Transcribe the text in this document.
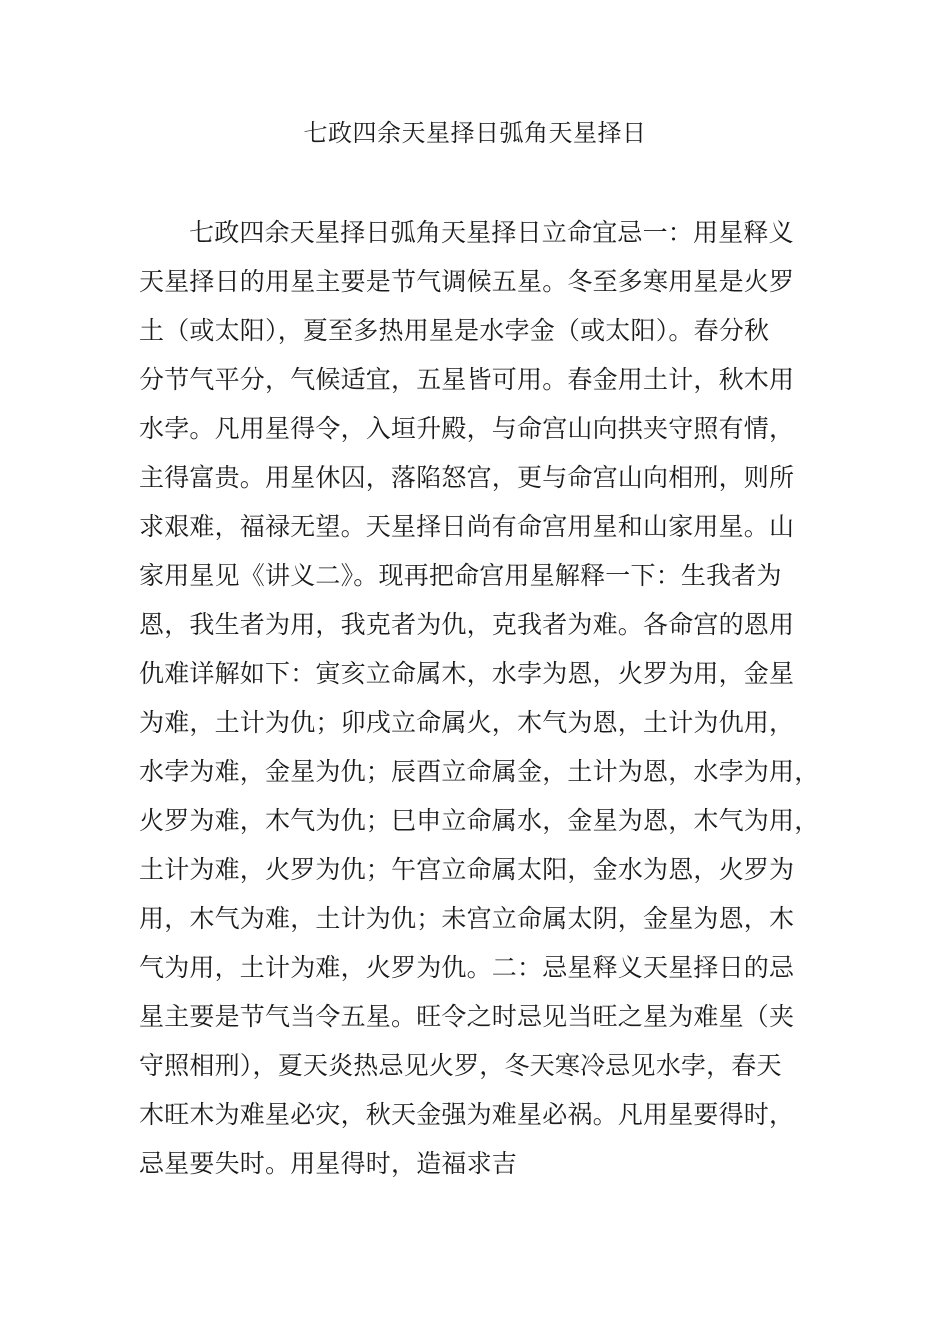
七政四余天星择日弧角天星择日
七政四余天星择日弧角天星择日立命宜忌一：用星释义
天星择日的用星主要是节气调候五星。冬至多寒用星是火罗
土（或太阳），夏至多热用星是水孛金（或太阳）。春分秋
分节气平分，气候适宜，五星皆可用。春金用土计，秋木用
水孛。凡用星得令，入垣升殿，与命宫山向拱夹守照有情，
主得富贵。用星休囚，落陷怒宫，更与命宫山向相刑，则所
求艰难，福禄无望。天星择日尚有命宫用星和山家用星。山
家用星见《讲义二》。现再把命宫用星解释一下：生我者为
恩，我生者为用，我克者为仇，克我者为难。各命宫的恩用
仇难详解如下：寅亥立命属木，水孛为恩，火罗为用，金星
为难，土计为仇；卯戌立命属火，木气为恩，土计为仇用，
水孛为难，金星为仇；辰酉立命属金，土计为恩，水孛为用，
火罗为难，木气为仇；巳申立命属水，金星为恩，木气为用，
土计为难，火罗为仇；午宫立命属太阳，金水为恩，火罗为
用，木气为难，土计为仇；未宫立命属太阴，金星为恩，木
气为用，土计为难，火罗为仇。二：忌星释义天星择日的忌
星主要是节气当令五星。旺令之时忌见当旺之星为难星（夹
守照相刑），夏天炎热忌见火罗，冬天寒冷忌见水孛，春天
木旺木为难星必灾，秋天金强为难星必祸。凡用星要得时，
忌星要失时。用星得时，造福求吉
